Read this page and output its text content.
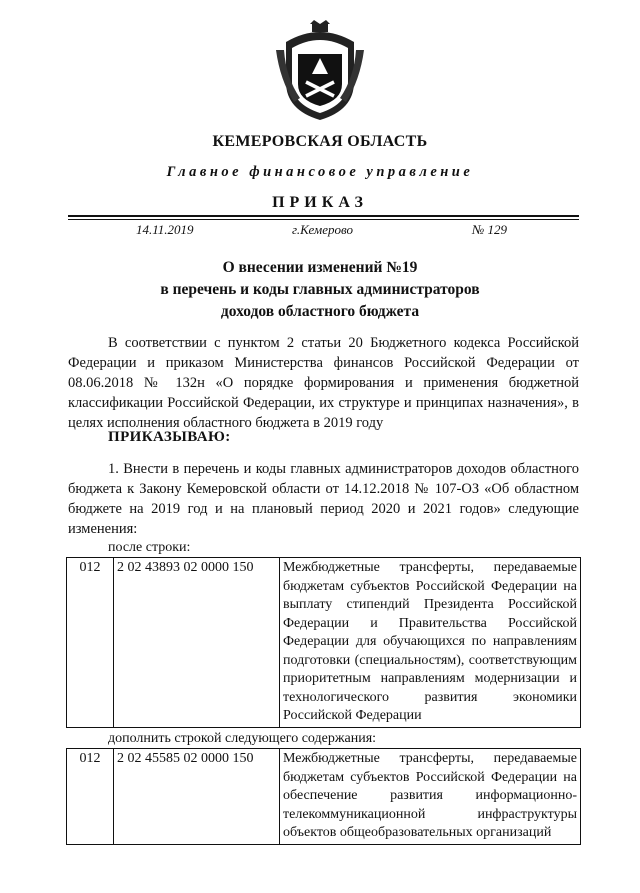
КЕМЕРОВСКАЯ ОБЛАСТЬ
Главное финансовое управление
ПРИКАЗ
14.11.2019	г.Кемерово	№ 129
О внесении изменений №19
в перечень и коды главных администраторов
доходов областного бюджета
В соответствии с пунктом 2 статьи 20 Бюджетного кодекса Российской Федерации и приказом Министерства финансов Российской Федерации от 08.06.2018 № 132н «О порядке формирования и применения бюджетной классификации Российской Федерации, их структуре и принципах назначения», в целях исполнения областного бюджета в 2019 году
ПРИКАЗЫВАЮ:
1. Внести в перечень и коды главных администраторов доходов областного бюджета к Закону Кемеровской области от 14.12.2018 № 107-ОЗ «Об областном бюджете на 2019 год и на плановый период 2020 и 2021 годов» следующие изменения:
после строки:
012	2 02 43893 02 0000 150	Межбюджетные трансферты, передаваемые бюджетам субъектов Российской Федерации на выплату стипендий Президента Российской Федерации и Правительства Российской Федерации для обучающихся по направлениям подготовки (специальностям), соответствующим приоритетным направлениям модернизации и технологического развития экономики Российской Федерации
дополнить строкой следующего содержания:
012	2 02 45585 02 0000 150	Межбюджетные трансферты, передаваемые бюджетам субъектов Российской Федерации на обеспечение развития информационно-телекоммуникационной инфраструктуры объектов общеобразовательных организаций
